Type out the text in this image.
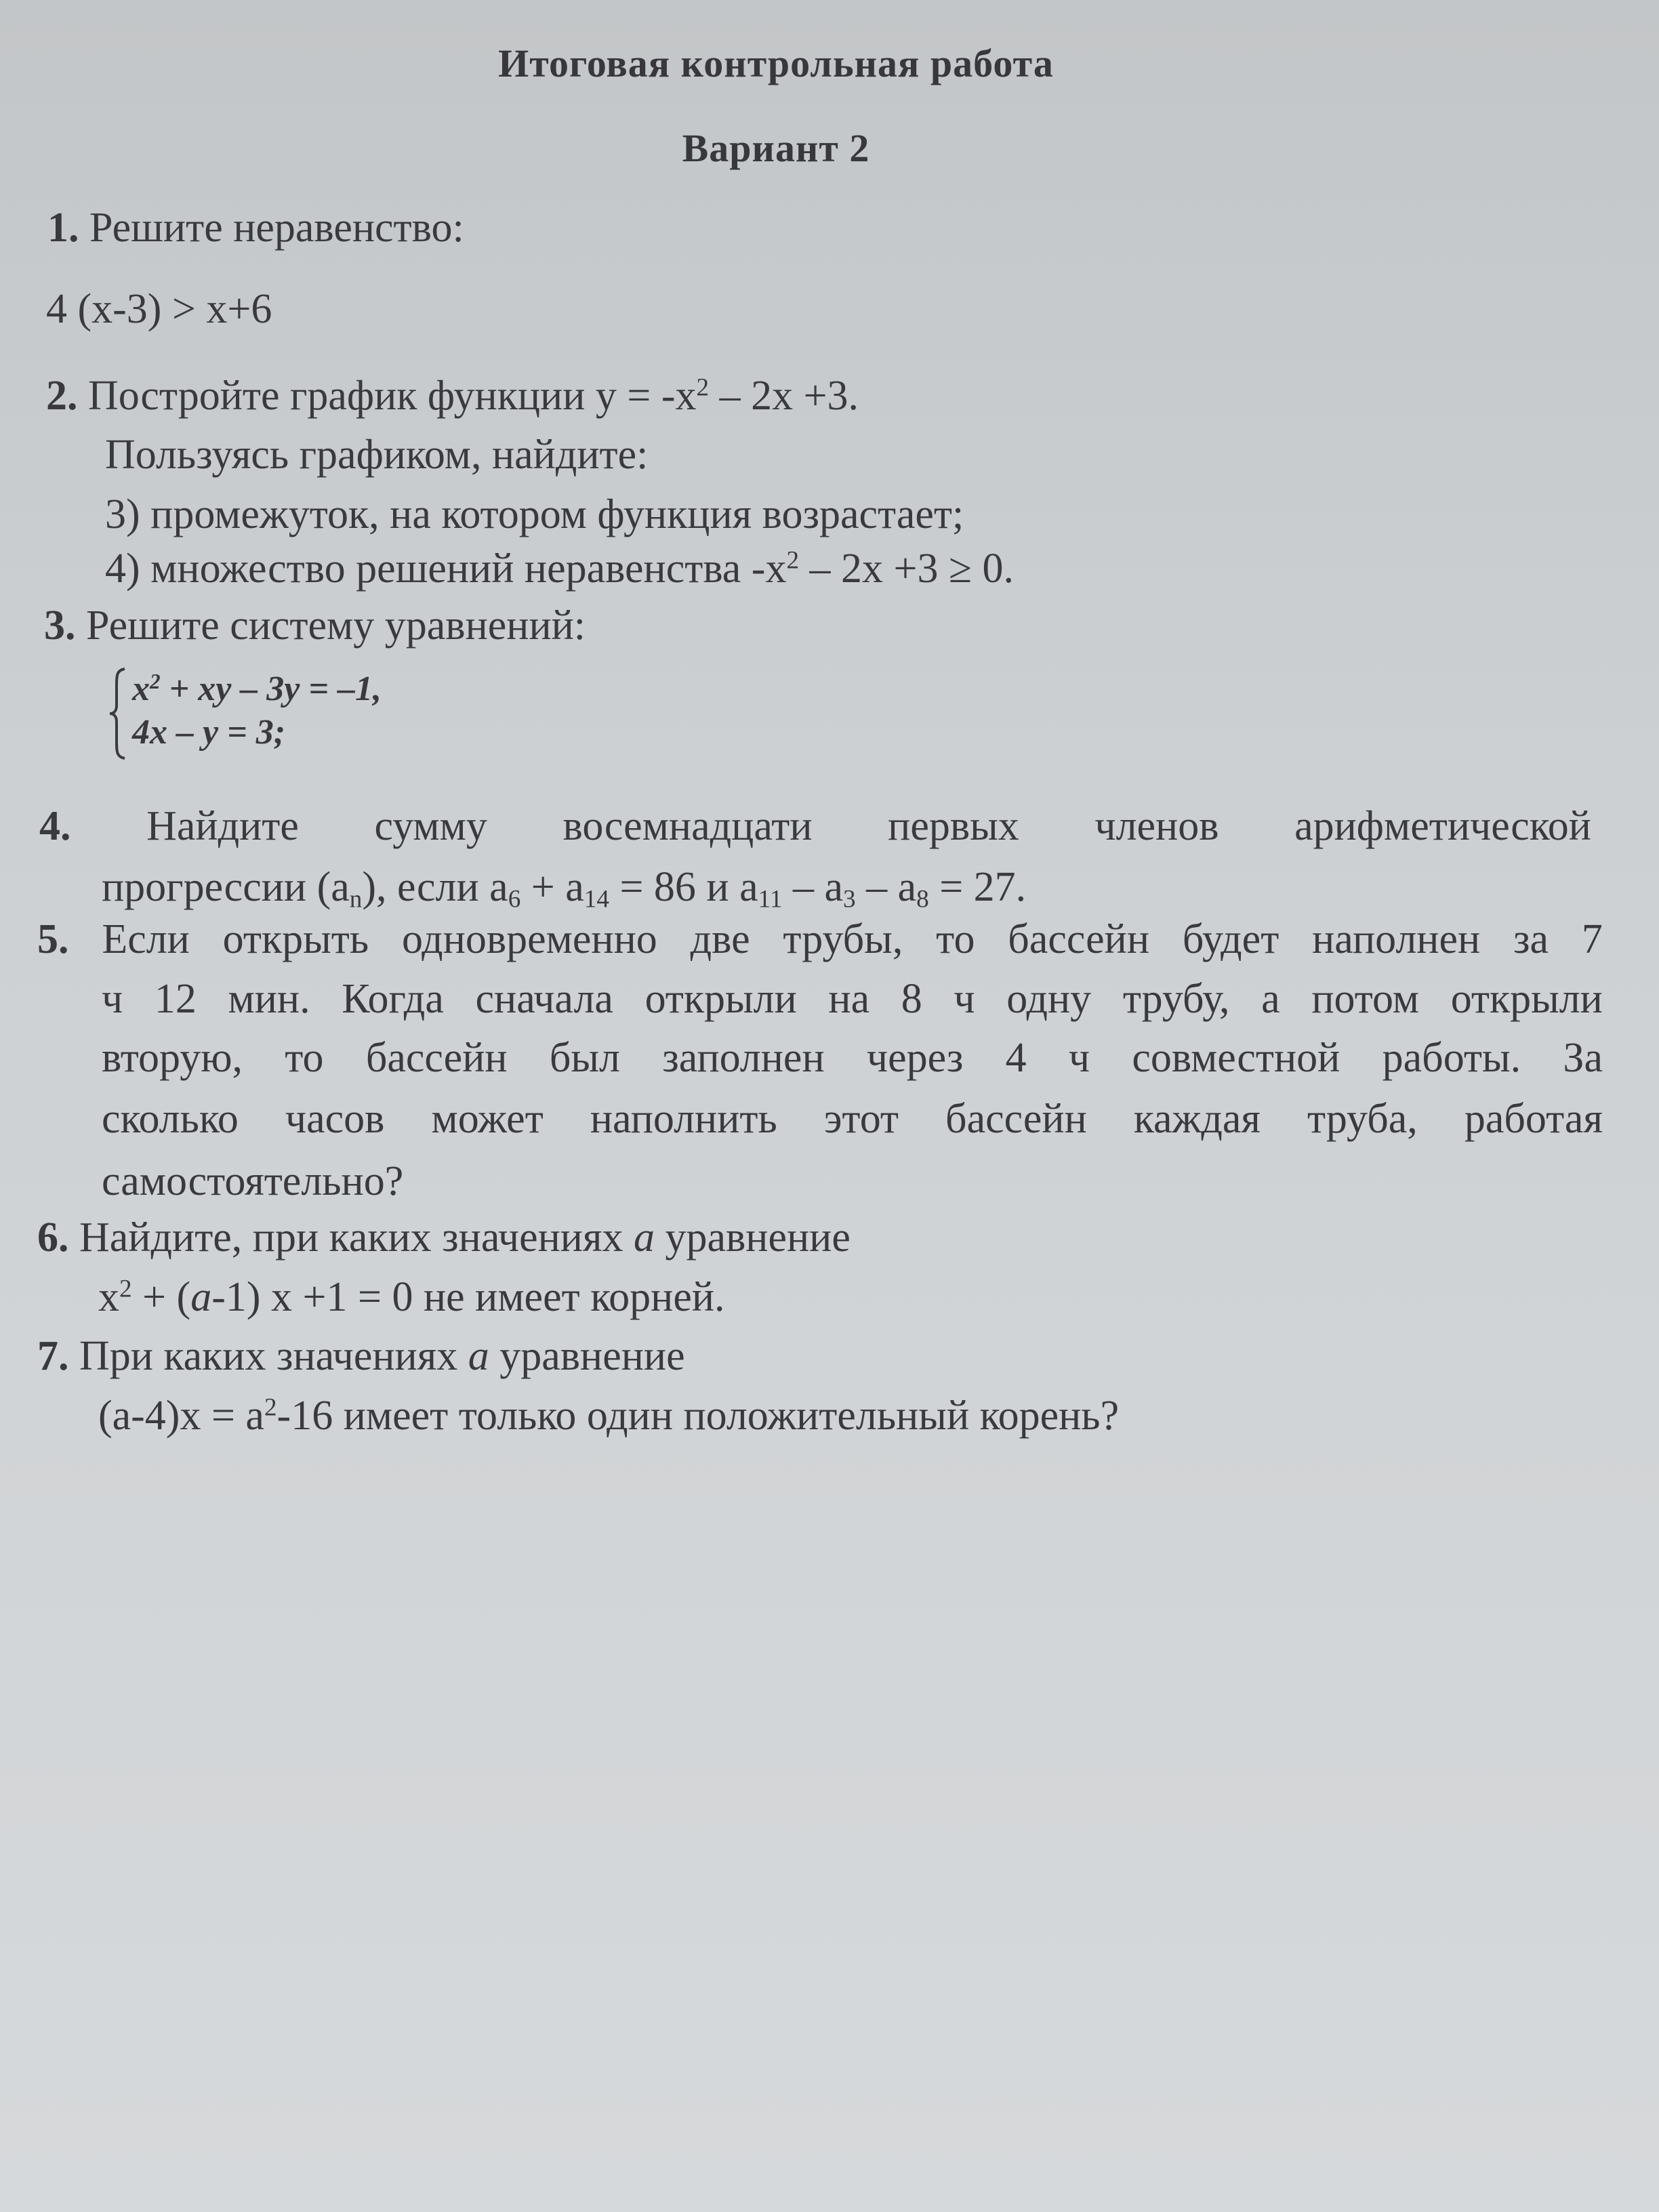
Итоговая контрольная работа
Вариант 2
1. Решите неравенство:
4 (x-3) > x+6
2. Постройте график функции $y = -x^2 - 2x +3$.
Пользуясь графиком, найдите:
3) промежуток, на котором функция возрастает;
4) множество решений неравенства $-x^2 - 2x +3 \ge 0$.
3. Решите систему уравнений:
$x^2$ + xy – 3y = –1,
4x – y = 3;
4. Найдите сумму восемнадцати первых членов арифметической
прогрессии $(a_n)$, если $a_6 + a_{14} = 86$ и $a_{11} - a_3 - a_8 = 27$.
5. Если открыть одновременно две трубы, то бассейн будет наполнен за 7
ч 12 мин. Когда сначала открыли на 8 ч одну трубу, а потом открыли
вторую, то бассейн был заполнен через 4 ч совместной работы. За
сколько часов может наполнить этот бассейн каждая труба, работая
самостоятельно?
6. Найдите, при каких значениях a уравнение
$x^2 + (a-1)$ x +1 = 0 не имеет корней.
7. При каких значениях a уравнение
$(a-4)x = a^2-16$ имеет только один положительный корень?
